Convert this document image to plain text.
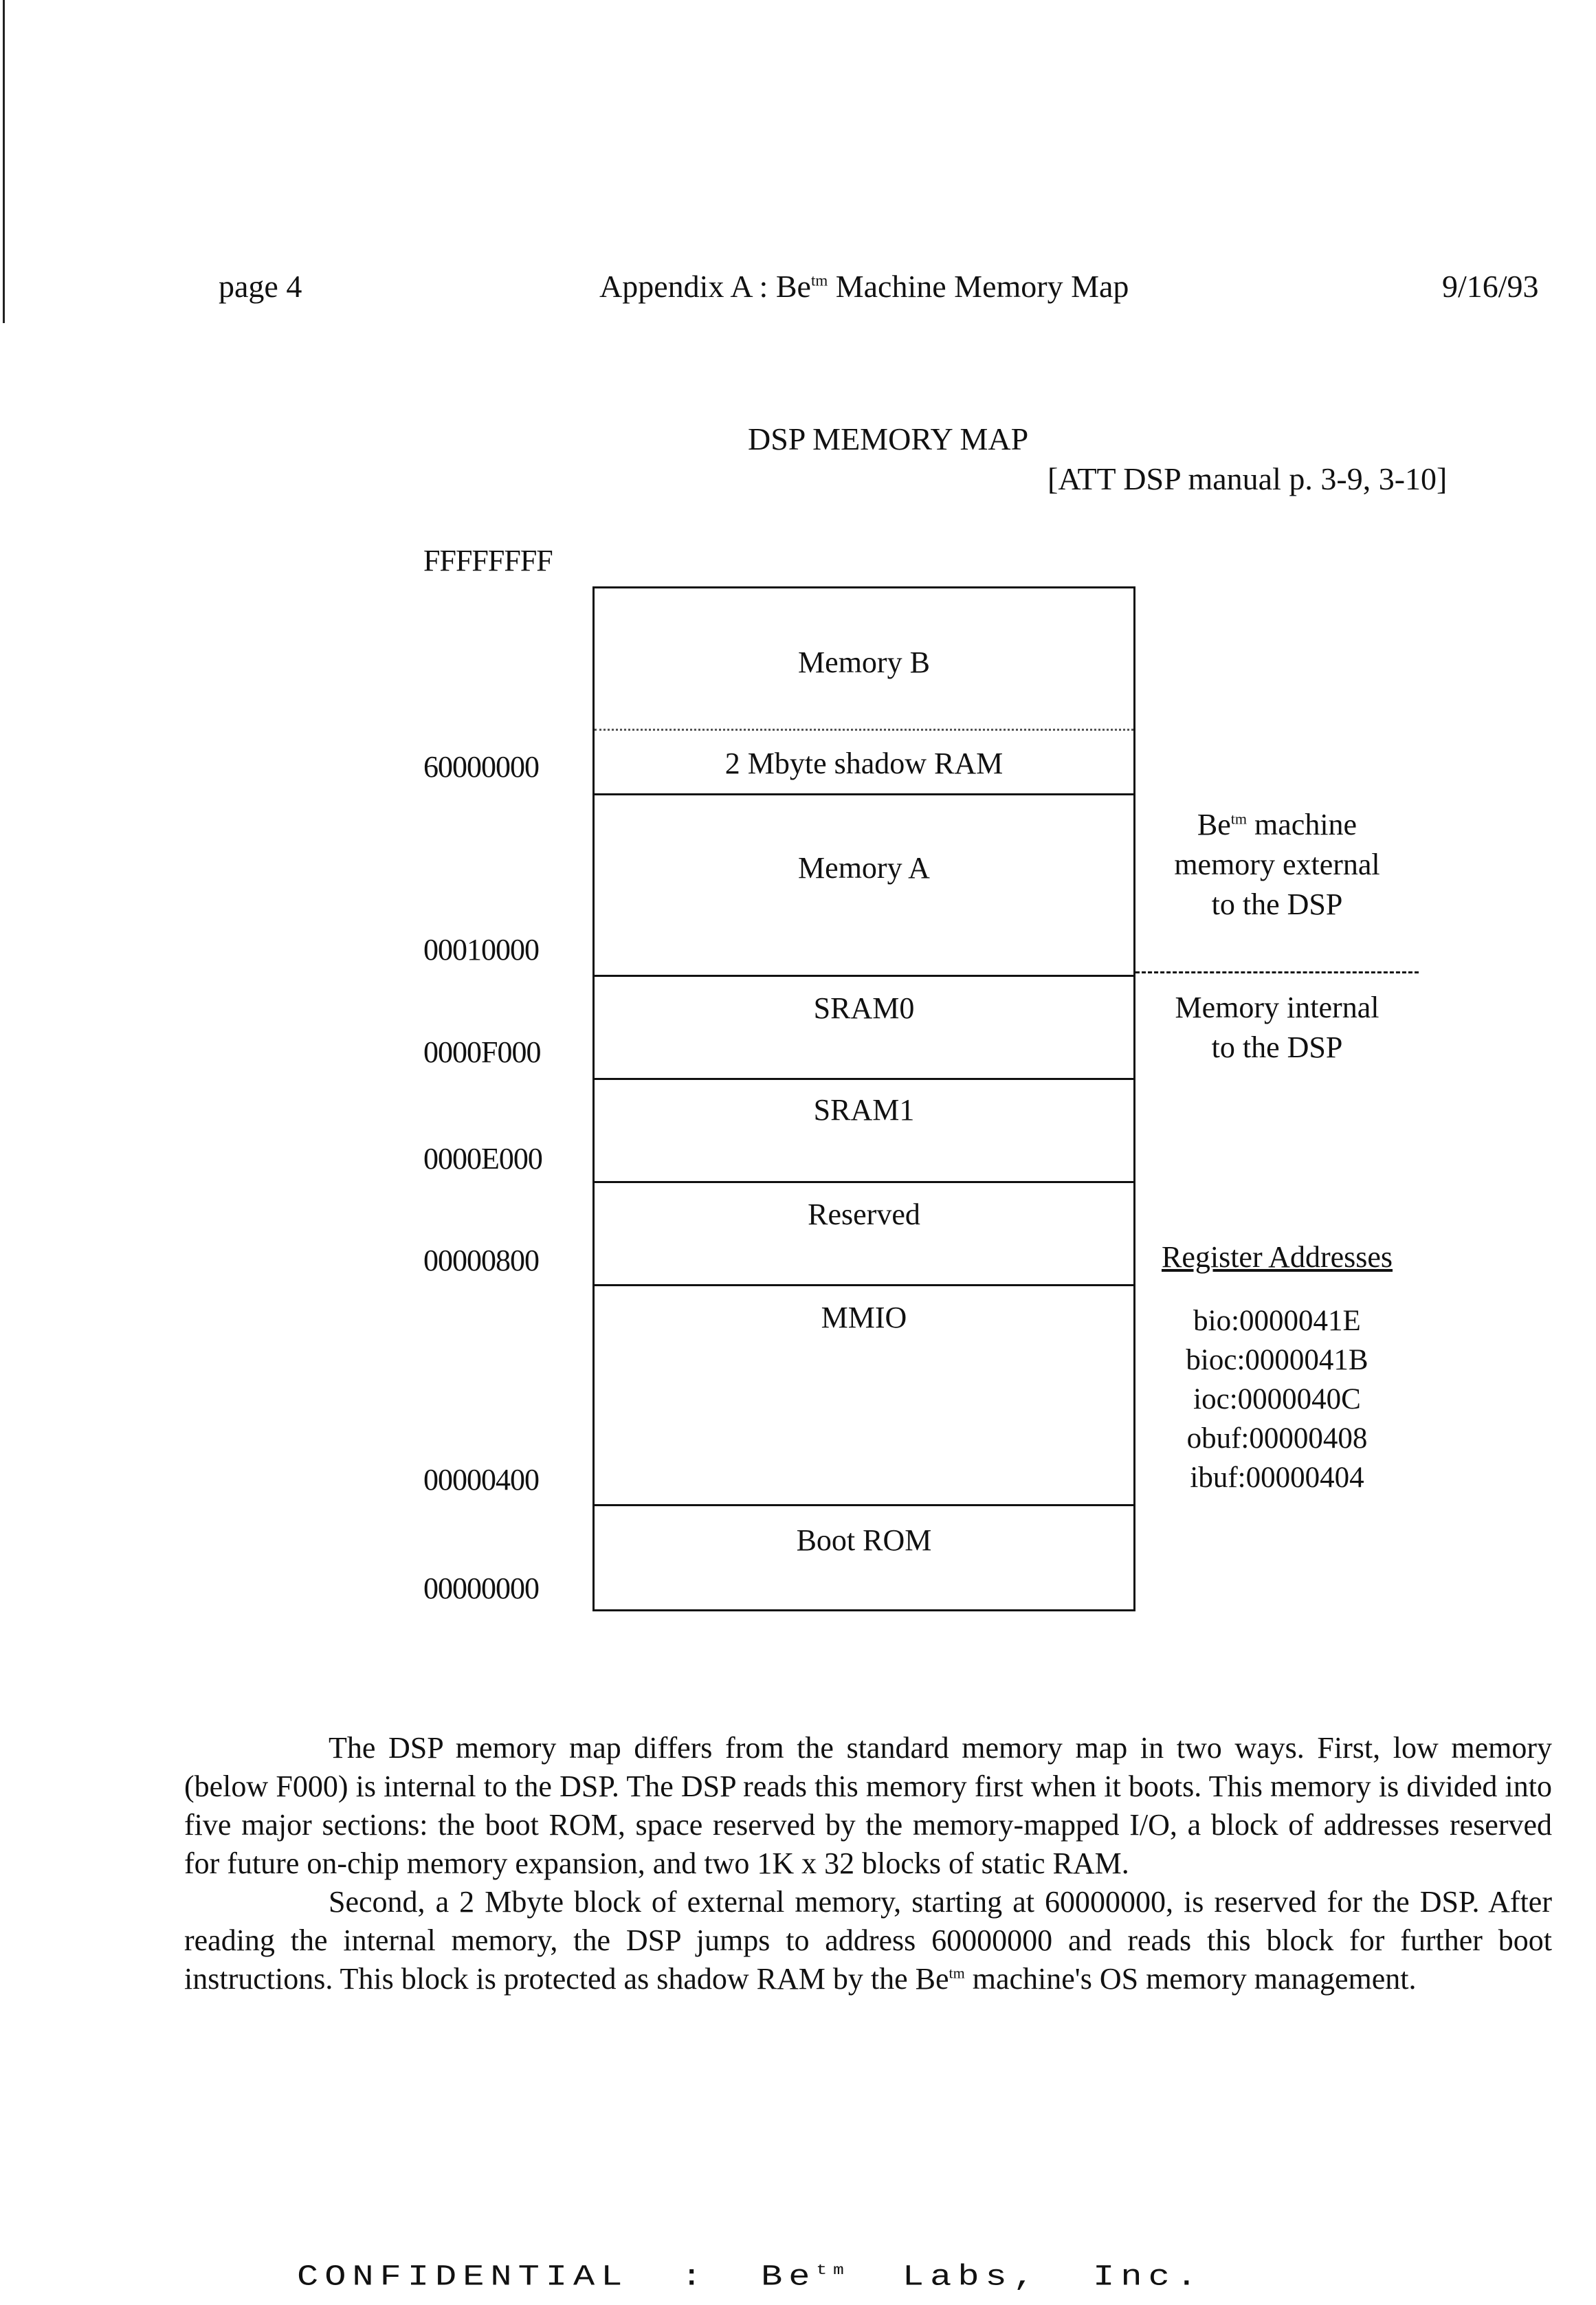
page 4	Appendix A : $Be^{tm}$ Machine Memory Map	9/16/93
DSP MEMORY MAP
[ATT DSP manual p. 3-9, 3-10]
FFFFFFFF
60000000
00010000
0000F000
0000E000
00000800
00000400
00000000
Memory B
2 Mbyte shadow RAM
Memory A
SRAM0
SRAM1
Reserved
MMIO
Boot ROM
$Be^{tm}$ machine
memory external
to the DSP
Memory internal
to the DSP
Register Addresses
bio:0000041E
bioc:0000041B
ioc:0000040C
obuf:00000408
ibuf:00000404

The DSP memory map differs from the standard memory map in two ways. First, low memory (below F000) is internal to the DSP. The DSP reads this memory first when it boots. This memory is divided into five major sections: the boot ROM, space reserved by the memory-mapped I/O, a block of addresses reserved for future on-chip memory expansion, and two 1K x 32 blocks of static RAM.

Second, a 2 Mbyte block of external memory, starting at 60000000, is reserved for the DSP. After reading the internal memory, the DSP jumps to address 60000000 and reads this block for further boot instructions. This block is protected as shadow RAM by the $Be^{tm}$ machine's OS memory management.

CONFIDENTIAL : $Be^{tm}$ Labs, Inc.
